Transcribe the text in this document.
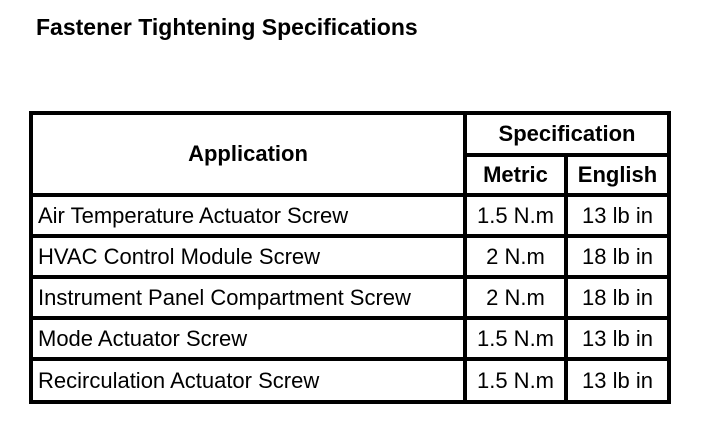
Fastener Tightening Specifications
Application
Specification
Metric	English
Air Temperature Actuator Screw	1.5 N.m	13 lb in
HVAC Control Module Screw	2 N.m	18 lb in
Instrument Panel Compartment Screw	2 N.m	18 lb in
Mode Actuator Screw	1.5 N.m	13 lb in
Recirculation Actuator Screw	1.5 N.m	13 lb in
